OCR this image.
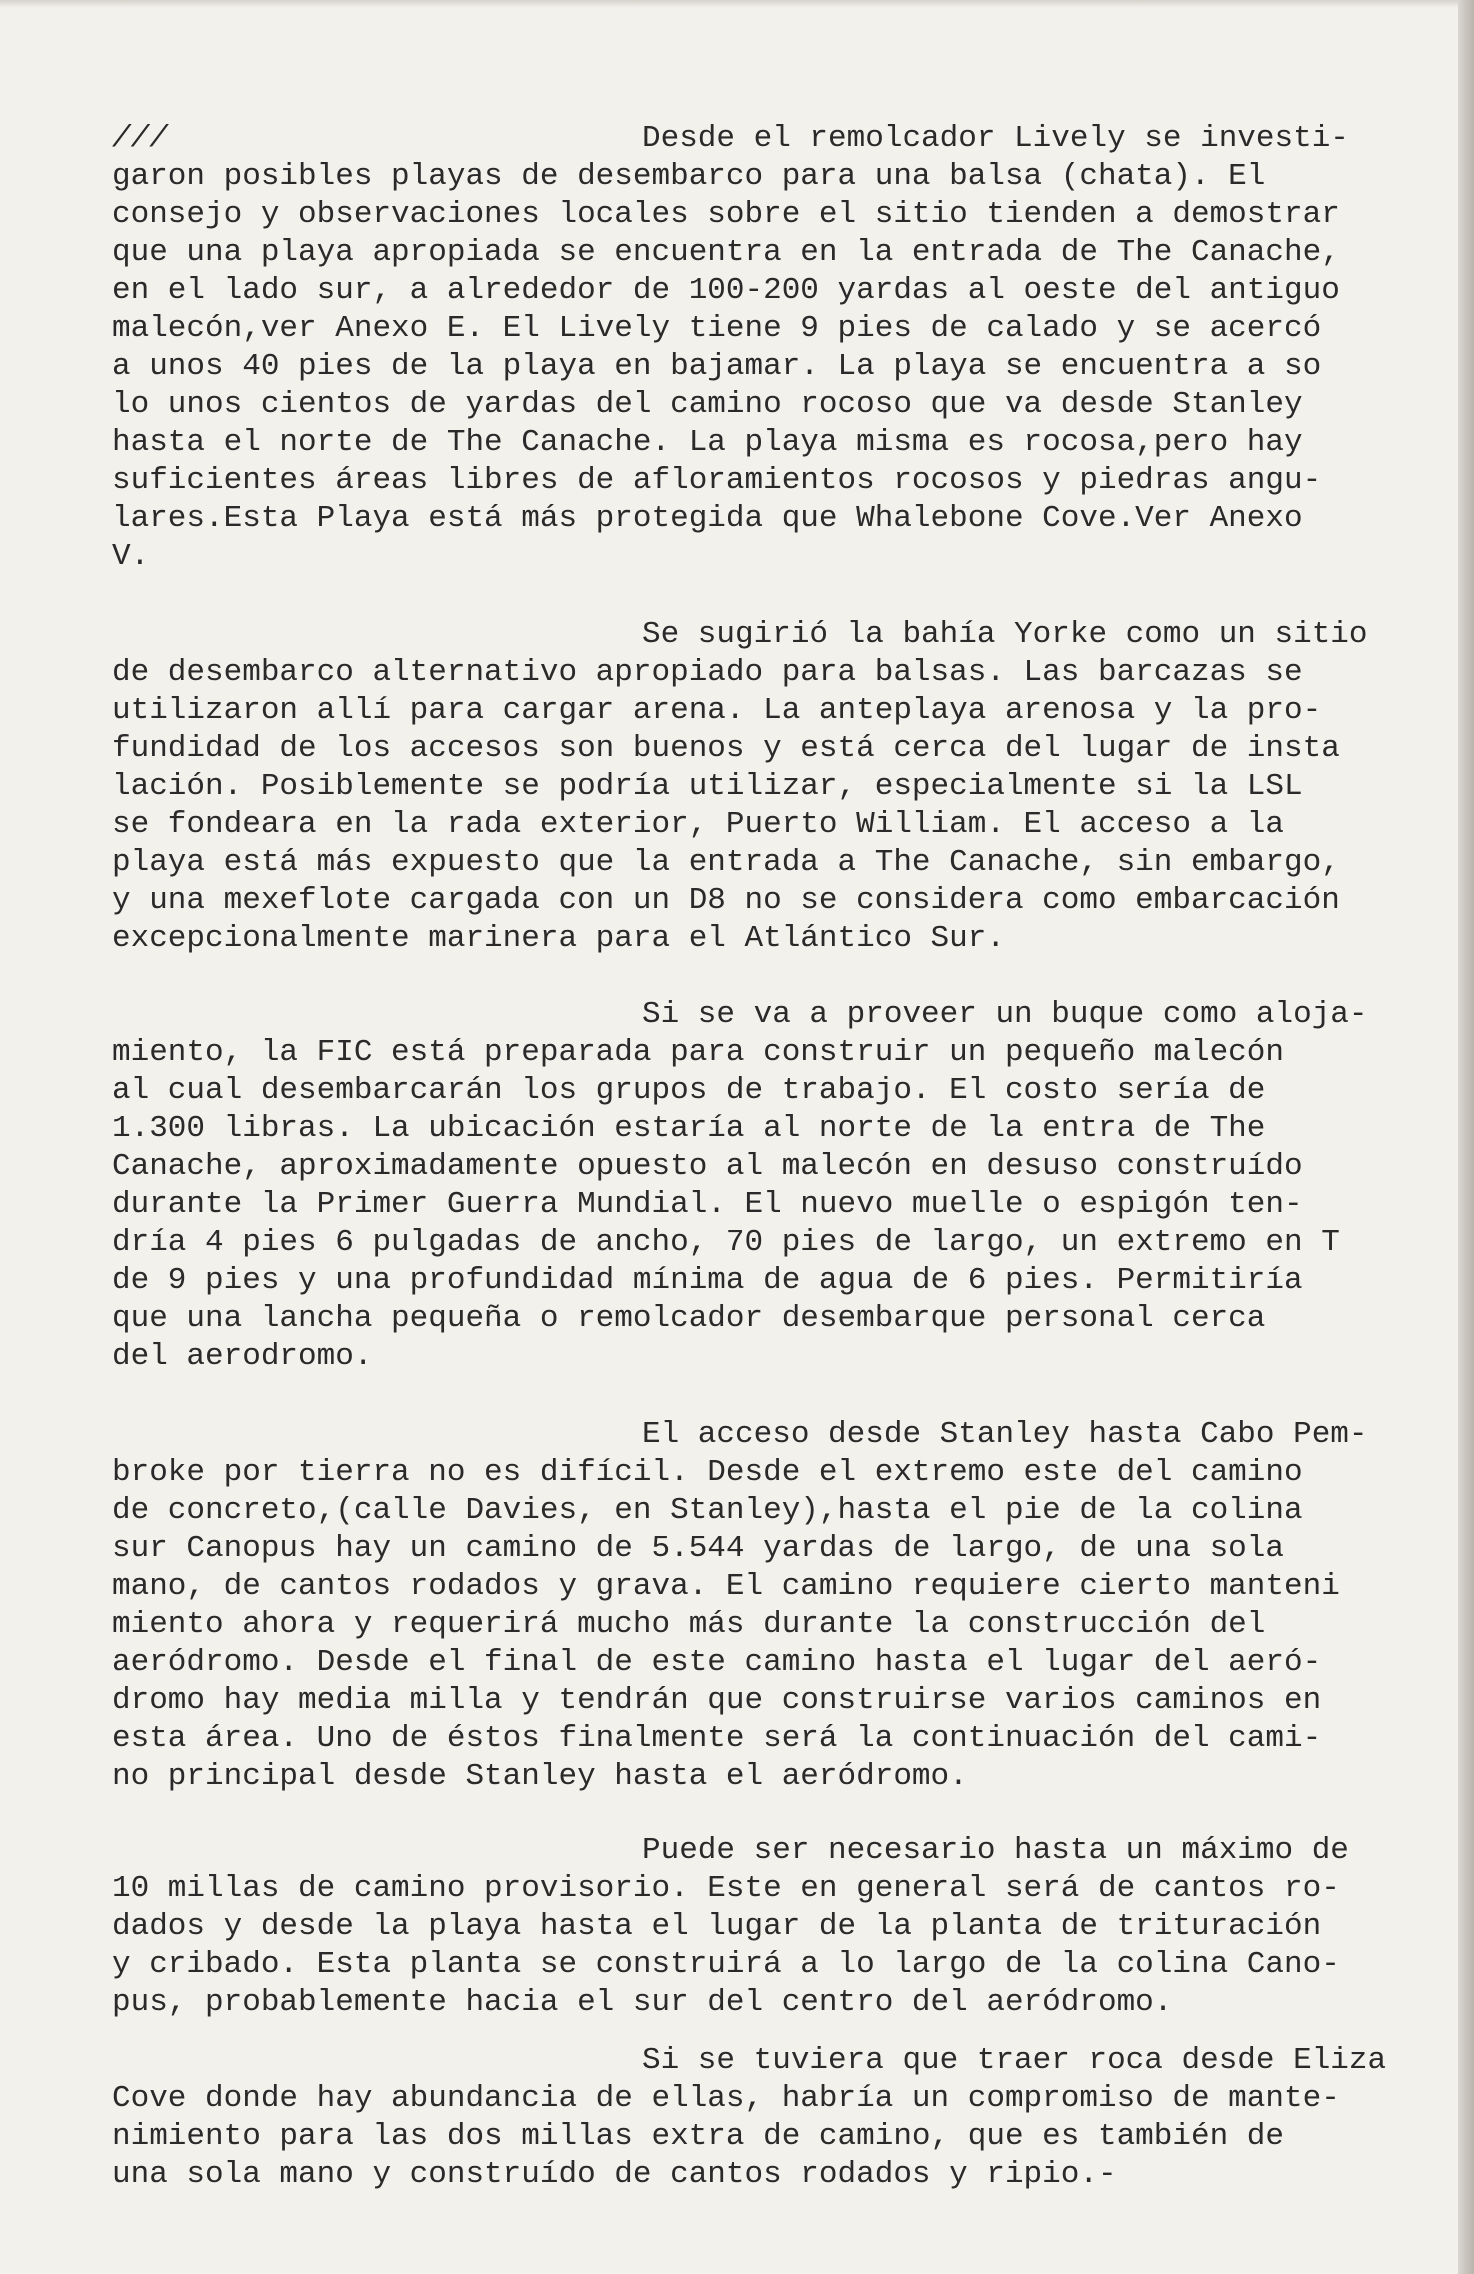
///	Desde el remolcador Lively se investi-
garon posibles playas de desembarco para una balsa (chata). El
consejo y observaciones locales sobre el sitio tienden a demostrar
que una playa apropiada se encuentra en la entrada de The Canache,
en el lado sur, a alrededor de 100-200 yardas al oeste del antiguo
malecón,ver Anexo E. El Lively tiene 9 pies de calado y se acercó
a unos 40 pies de la playa en bajamar. La playa se encuentra a so
lo unos cientos de yardas del camino rocoso que va desde Stanley
hasta el norte de The Canache. La playa misma es rocosa,pero hay
suficientes áreas libres de afloramientos rocosos y piedras angu-
lares.Esta Playa está más protegida que Whalebone Cove.Ver Anexo
V.
Se sugirió la bahía Yorke como un sitio
de desembarco alternativo apropiado para balsas. Las barcazas se
utilizaron allí para cargar arena. La anteplaya arenosa y la pro-
fundidad de los accesos son buenos y está cerca del lugar de insta
lación. Posiblemente se podría utilizar, especialmente si la LSL
se fondeara en la rada exterior, Puerto William. El acceso a la
playa está más expuesto que la entrada a The Canache, sin embargo,
y una mexeflote cargada con un D8 no se considera como embarcación
excepcionalmente marinera para el Atlántico Sur.
Si se va a proveer un buque como aloja-
miento, la FIC está preparada para construir un pequeño malecón
al cual desembarcarán los grupos de trabajo. El costo sería de
1.300 libras. La ubicación estaría al norte de la entra de The
Canache, aproximadamente opuesto al malecón en desuso construído
durante la Primer Guerra Mundial. El nuevo muelle o espigón ten-
dría 4 pies 6 pulgadas de ancho, 70 pies de largo, un extremo en T
de 9 pies y una profundidad mínima de agua de 6 pies. Permitiría
que una lancha pequeña o remolcador desembarque personal cerca
del aerodromo.
El acceso desde Stanley hasta Cabo Pem-
broke por tierra no es difícil. Desde el extremo este del camino
de concreto,(calle Davies, en Stanley),hasta el pie de la colina
sur Canopus hay un camino de 5.544 yardas de largo, de una sola
mano, de cantos rodados y grava. El camino requiere cierto manteni
miento ahora y requerirá mucho más durante la construcción del
aeródromo. Desde el final de este camino hasta el lugar del aeró-
dromo hay media milla y tendrán que construirse varios caminos en
esta área. Uno de éstos finalmente será la continuación del cami-
no principal desde Stanley hasta el aeródromo.
Puede ser necesario hasta un máximo de
10 millas de camino provisorio. Este en general será de cantos ro-
dados y desde la playa hasta el lugar de la planta de trituración
y cribado. Esta planta se construirá a lo largo de la colina Cano-
pus, probablemente hacia el sur del centro del aeródromo.
Si se tuviera que traer roca desde Eliza
Cove donde hay abundancia de ellas, habría un compromiso de mante-
nimiento para las dos millas extra de camino, que es también de
una sola mano y construído de cantos rodados y ripio.-
